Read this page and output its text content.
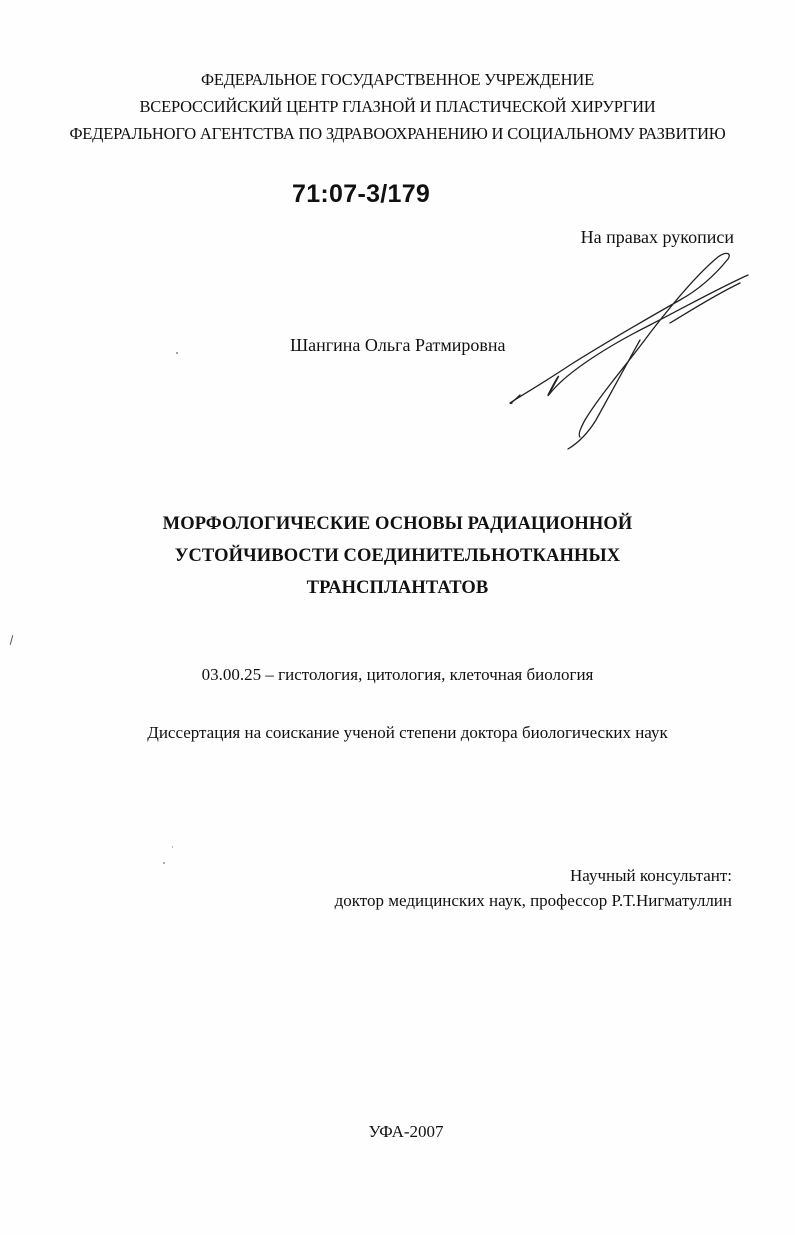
ФЕДЕРАЛЬНОЕ ГОСУДАРСТВЕННОЕ УЧРЕЖДЕНИЕ
ВСЕРОССИЙСКИЙ ЦЕНТР ГЛАЗНОЙ И ПЛАСТИЧЕСКОЙ ХИРУРГИИ
ФЕДЕРАЛЬНОГО АГЕНТСТВА ПО ЗДРАВООХРАНЕНИЮ И СОЦИАЛЬНОМУ РАЗВИТИЮ
71:07-3/179
На правах рукописи
Шангина Ольга Ратмировна
МОРФОЛОГИЧЕСКИЕ ОСНОВЫ РАДИАЦИОННОЙ
УСТОЙЧИВОСТИ СОЕДИНИТЕЛЬНОТКАННЫХ
ТРАНСПЛАНТАТОВ
03.00.25 – гистология, цитология, клеточная биология
Диссертация на соискание ученой степени доктора биологических наук
Научный консультант:
доктор медицинских наук, профессор Р.Т.Нигматуллин
УФА-2007
